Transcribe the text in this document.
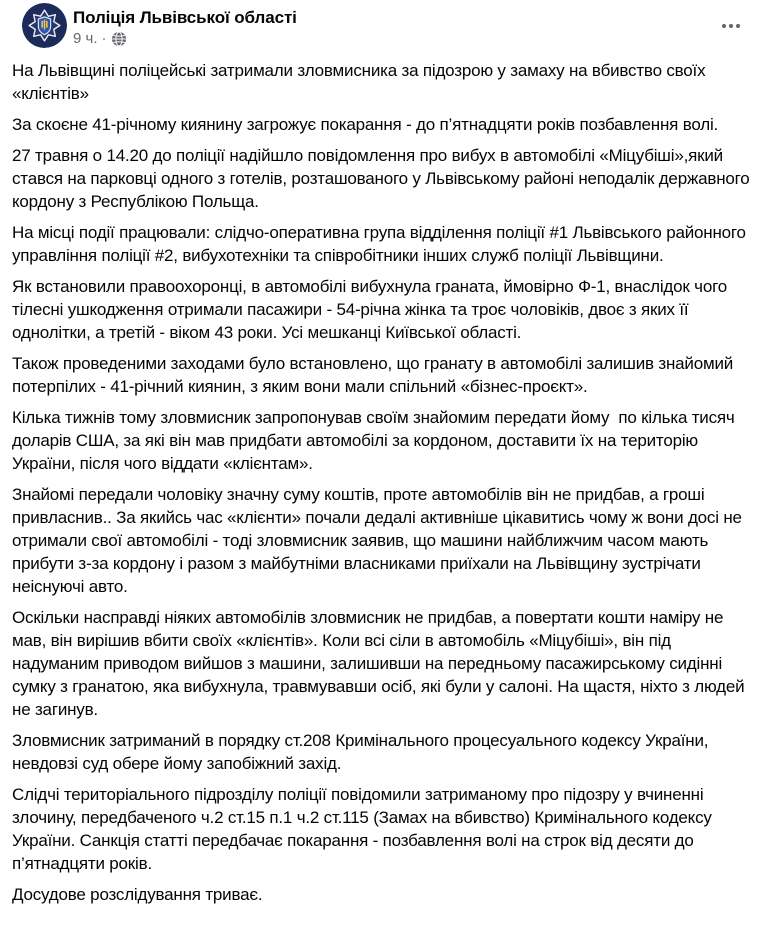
Поліція Львівської області
9 ч. ·

На Львівщині поліцейські затримали зловмисника за підозрою у замаху на вбивство своїх «клієнтів»

За скоєне 41-річному киянину загрожує покарання - до п’ятнадцяти років позбавлення волі.

27 травня о 14.20 до поліції надійшло повідомлення про вибух в автомобілі «Міцубіші»,який стався на парковці одного з готелів, розташованого у Львівському районі неподалік державного кордону з Республікою Польща.

На місці події працювали: слідчо-оперативна група відділення поліції #1 Львівського районного управління поліції #2, вибухотехніки та співробітники інших служб поліції Львівщини.

Як встановили правоохоронці, в автомобілі вибухнула граната, ймовірно Ф-1, внаслідок чого тілесні ушкодження отримали пасажири - 54-річна жінка та троє чоловіків, двоє з яких її однолітки, а третій - віком 43 роки. Усі мешканці Київської області.

Також проведеними заходами було встановлено, що гранату в автомобілі залишив знайомий потерпілих - 41-річний киянин, з яким вони мали спільний «бізнес-проєкт».

Кілька тижнів тому зловмисник запропонував своїм знайомим передати йому  по кілька тисяч доларів США, за які він мав придбати автомобілі за кордоном, доставити їх на територію України, після чого віддати «клієнтам».

Знайомі передали чоловіку значну суму коштів, проте автомобілів він не придбав, а гроші привласнив.. За якийсь час «клієнти» почали дедалі активніше цікавитись чому ж вони досі не отримали свої автомобілі - тоді зловмисник заявив, що машини найближчим часом мають прибути з-за кордону і разом з майбутніми власниками приїхали на Львівщину зустрічати неіснуючі авто.

Оскільки насправді ніяких автомобілів зловмисник не придбав, а повертати кошти наміру не мав, він вирішив вбити своїх «клієнтів». Коли всі сіли в автомобіль «Міцубіші», він під надуманим приводом вийшов з машини, залишивши на передньому пасажирському сидінні сумку з гранатою, яка вибухнула, травмувавши осіб, які були у салоні. На щастя, ніхто з людей не загинув.

Зловмисник затриманий в порядку ст.208 Кримінального процесуального кодексу України, невдовзі суд обере йому запобіжний захід.

Слідчі територіального підрозділу поліції повідомили затриманому про підозру у вчиненні злочину, передбаченого ч.2 ст.15 п.1 ч.2 ст.115 (Замах на вбивство) Кримінального кодексу України. Санкція статті передбачає покарання - позбавлення волі на строк від десяти до п’ятнадцяти років.

Досудове розслідування триває.
